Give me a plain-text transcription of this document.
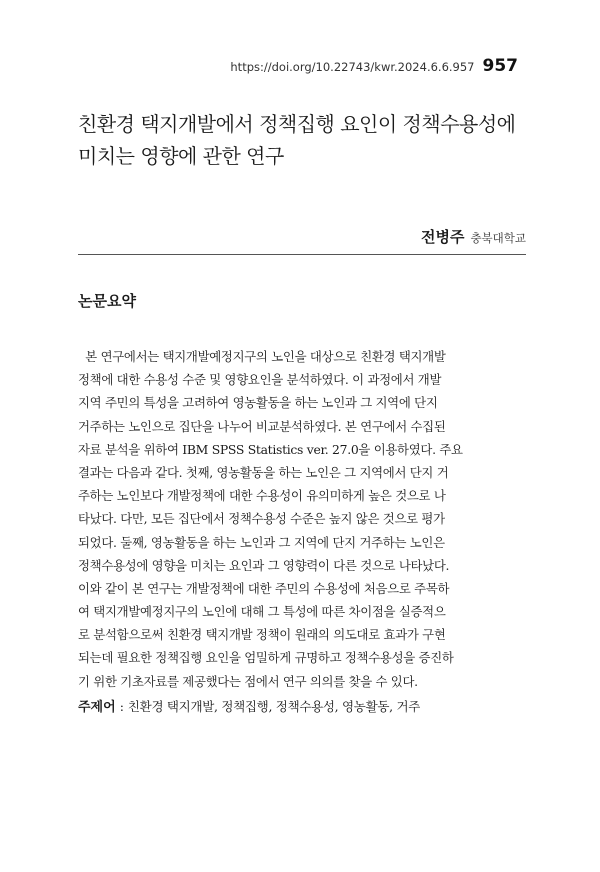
https://doi.org/10.22743/kwr.2024.6.6.957 957
친환경 택지개발에서 정책집행 요인이 정책수용성에
미치는 영향에 관한 연구
전병주 충북대학교
논문요약
본 연구에서는 택지개발예정지구의 노인을 대상으로 친환경 택지개발
정책에 대한 수용성 수준 및 영향요인을 분석하였다. 이 과정에서 개발
지역 주민의 특성을 고려하여 영농활동을 하는 노인과 그 지역에 단지
거주하는 노인으로 집단을 나누어 비교분석하였다. 본 연구에서 수집된
자료 분석을 위하여 IBM SPSS Statistics ver. 27.0을 이용하였다. 주요
결과는 다음과 같다. 첫째, 영농활동을 하는 노인은 그 지역에서 단지 거
주하는 노인보다 개발정책에 대한 수용성이 유의미하게 높은 것으로 나
타났다. 다만, 모든 집단에서 정책수용성 수준은 높지 않은 것으로 평가
되었다. 둘째, 영농활동을 하는 노인과 그 지역에 단지 거주하는 노인은
정책수용성에 영향을 미치는 요인과 그 영향력이 다른 것으로 나타났다.
이와 같이 본 연구는 개발정책에 대한 주민의 수용성에 처음으로 주목하
여 택지개발예정지구의 노인에 대해 그 특성에 따른 차이점을 실증적으
로 분석함으로써 친환경 택지개발 정책이 원래의 의도대로 효과가 구현
되는데 필요한 정책집행 요인을 엄밀하게 규명하고 정책수용성을 증진하
기 위한 기초자료를 제공했다는 점에서 연구 의의를 찾을 수 있다.
주제어 : 친환경 택지개발, 정책집행, 정책수용성, 영농활동, 거주
